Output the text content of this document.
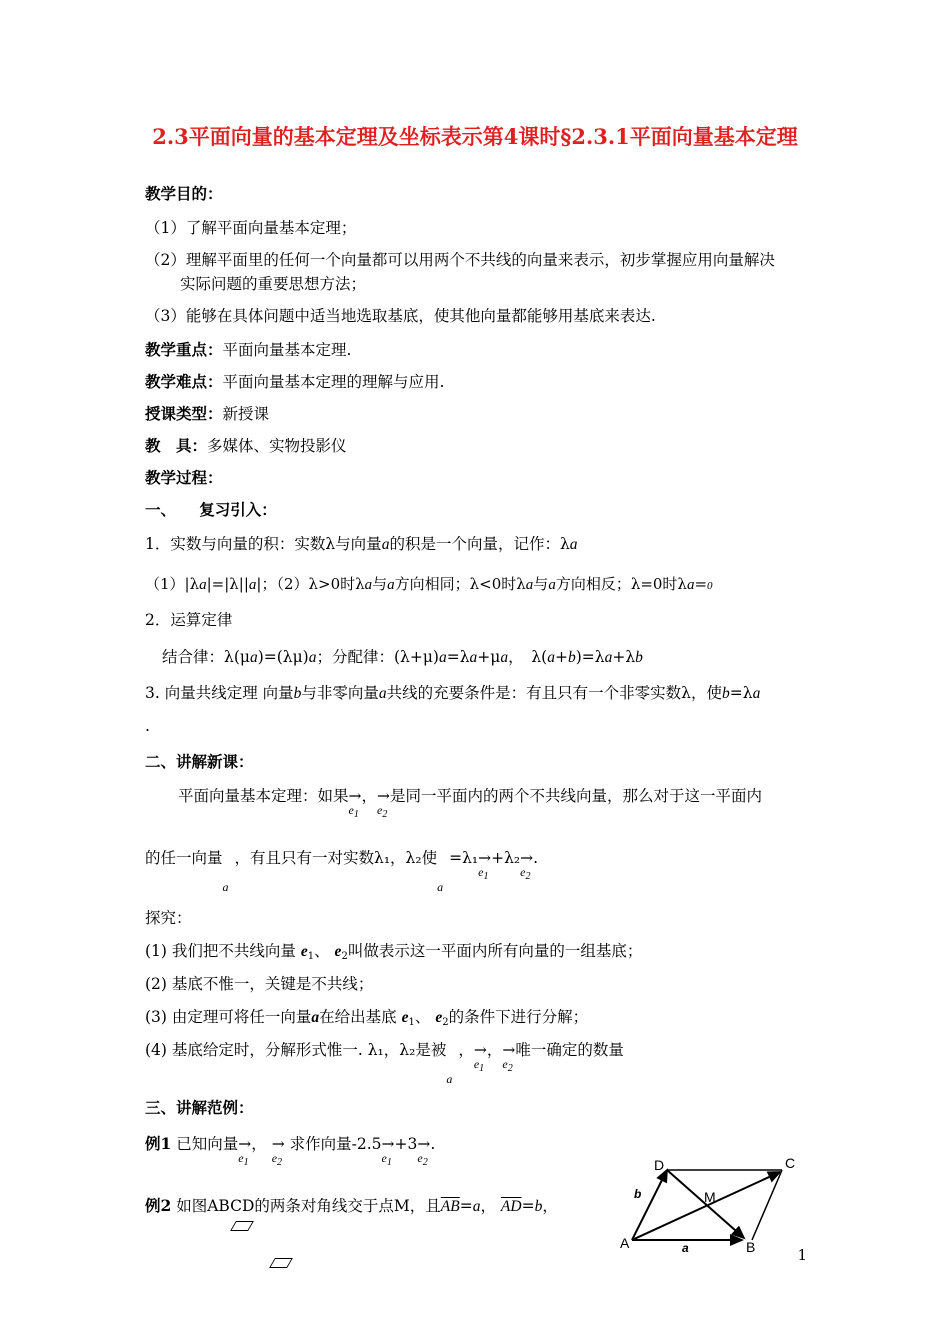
2.3平面向量的基本定理及坐标表示第4课时§2.3.1平面向量基本定理
教学目的：
（1）了解平面向量基本定理；
（2）理解平面里的任何一个向量都可以用两个不共线的向量来表示，初步掌握应用向量解决
实际问题的重要思想方法；
（3）能够在具体问题中适当地选取基底，使其他向量都能够用基底来表达.
教学重点：平面向量基本定理.
教学难点：平面向量基本定理的理解与应用.
授课类型：新授课
教　具：多媒体、实物投影仪
教学过程：
一、　　复习引入：
1．实数与向量的积：实数λ与向量a的积是一个向量，记作：λa
（1）|λa|=|λ||a|；（2）λ>0时λa与a方向相同；λ<0时λa与a方向相反；λ=0时λa=0
2．运算定律
结合律：λ(μa)=(λμ)a；分配律：(λ+μ)a=λa+μa，　λ(a+b)=λa+λb
3. 向量共线定理 向量b与非零向量a共线的充要条件是：有且只有一个非零实数λ，使b=λa
.
二、讲解新课：
平面向量基本定理：如果→
$e_1$
，→
$e_2$
是同一平面内的两个不共线向量，那么对于这一平面内
的任一向量
a
，有且只有一对实数λ₁，λ₂使
a
=λ₁→
$e_1$
+λ₂→
$e_2$
.
探究：
(1) 我们把不共线向量 $e_1$、 $e_2$叫做表示这一平面内所有向量的一组基底；
(2) 基底不惟一，关键是不共线；
(3) 由定理可将任一向量a在给出基底 $e_1$、 $e_2$的条件下进行分解；
(4) 基底给定时，分解形式惟一. λ₁，λ₂是被
a
，→
$e_1$
，→
$e_2$
唯一确定的数量
三、讲解范例：
例1 已知向量→
$e_1$
， →
$e_2$
求作向量-2.5→
$e_1$
+3→
$e_2$
.
例2 如图ABCD的两条对角线交于点M，且$\overline{AB}=a$， $\overline{AD}=b$，
A	B
C
D
M
a
b
1
